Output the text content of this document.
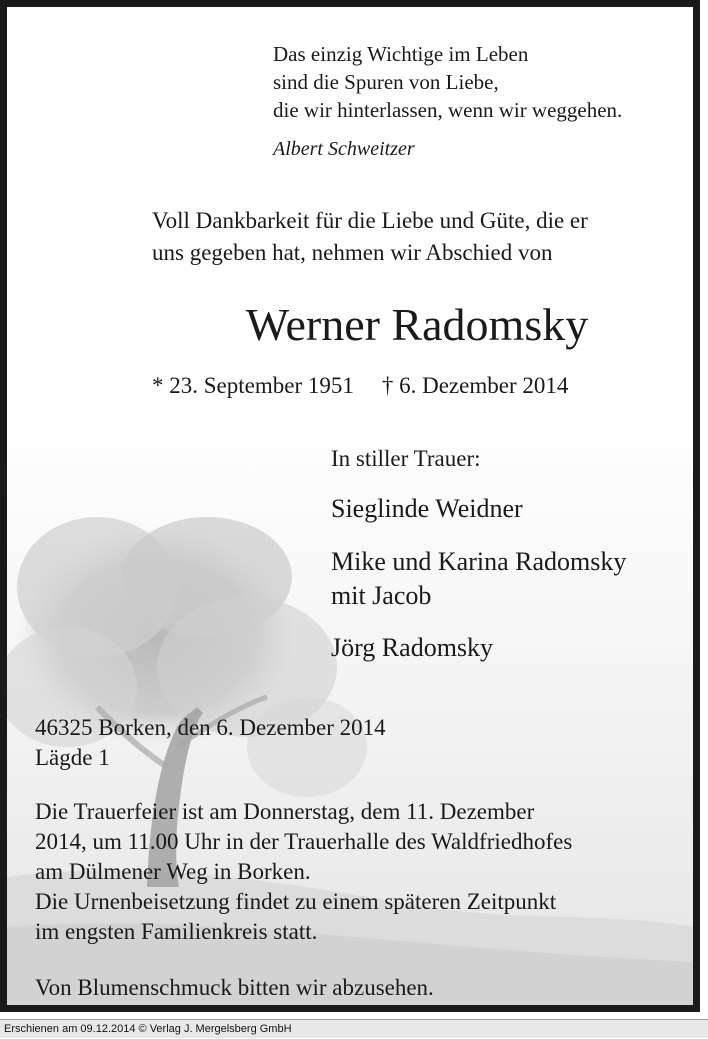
Das einzig Wichtige im Leben
sind die Spuren von Liebe,
die wir hinterlassen, wenn wir weggehen.
Albert Schweitzer
Voll Dankbarkeit für die Liebe und Güte, die er
uns gegeben hat, nehmen wir Abschied von
Werner Radomsky
* 23. September 1951 † 6. Dezember 2014
In stiller Trauer:
Sieglinde Weidner
Mike und Karina Radomsky
mit Jacob
Jörg Radomsky
46325 Borken, den 6. Dezember 2014
Lägde 1
Die Trauerfeier ist am Donnerstag, dem 11. Dezember
2014, um 11.00 Uhr in der Trauerhalle des Waldfriedhofes
am Dülmener Weg in Borken.
Die Urnenbeisetzung findet zu einem späteren Zeitpunkt
im engsten Familienkreis statt.
Von Blumenschmuck bitten wir abzusehen.
Erschienen am 09.12.2014 © Verlag J. Mergelsberg GmbH
